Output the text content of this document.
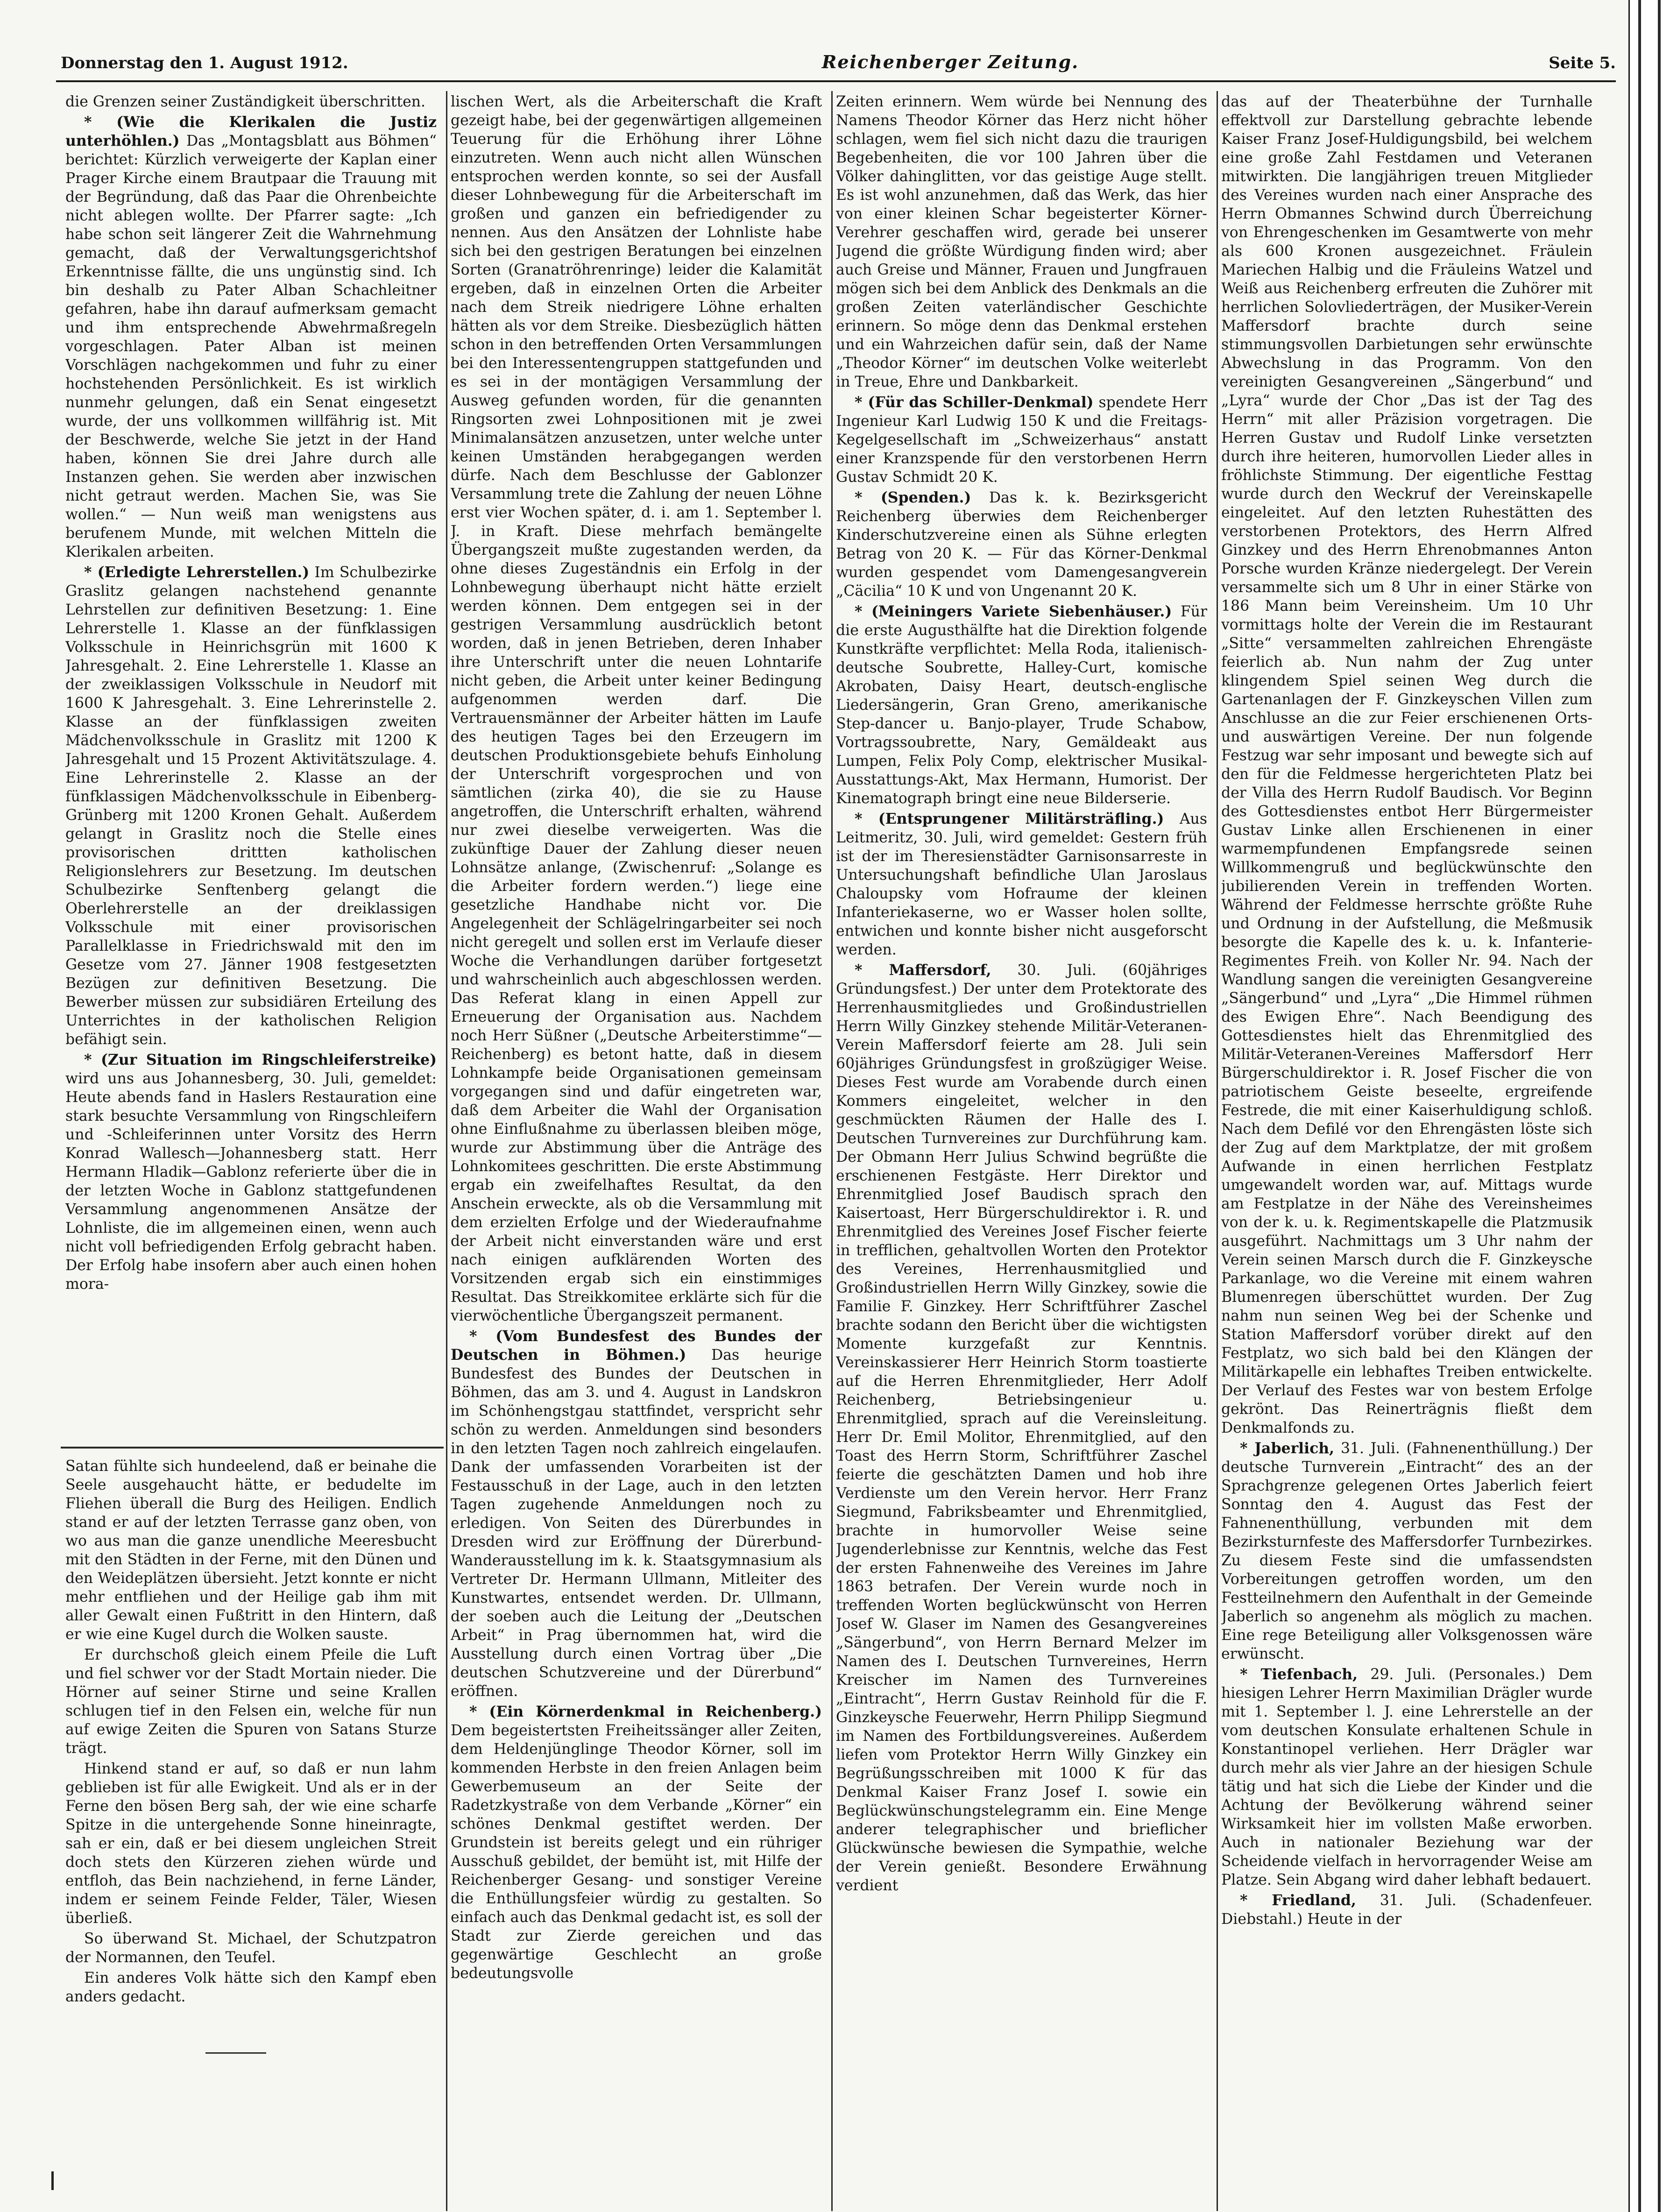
Donnerstag den 1. August 1912.	Reichenberger Zeitung.	Seite 5.

die Grenzen seiner Zuständigkeit überschritten.

* (Wie die Klerikalen die Justiz unterhöhlen.) Das „Montagsblatt aus Böhmen“ berichtet: Kürzlich verweigerte der Kaplan einer Prager Kirche einem Brautpaar die Trauung mit der Begründung, daß das Paar die Ohrenbeichte nicht ablegen wollte. Der Pfarrer sagte: „Ich habe schon seit längerer Zeit die Wahrnehmung gemacht, daß der Verwaltungsgerichtshof Erkenntnisse fällte, die uns ungünstig sind. Ich bin deshalb zu Pater Alban Schachleitner gefahren, habe ihn darauf aufmerksam gemacht und ihm entsprechende Abwehrmaßregeln vorgeschlagen. Pater Alban ist meinen Vorschlägen nachgekommen und fuhr zu einer hochstehenden Persönlichkeit. Es ist wirklich nunmehr gelungen, daß ein Senat eingesetzt wurde, der uns vollkommen willfährig ist. Mit der Beschwerde, welche Sie jetzt in der Hand haben, können Sie drei Jahre durch alle Instanzen gehen. Sie werden aber inzwischen nicht getraut werden. Machen Sie, was Sie wollen.“ — Nun weiß man wenigstens aus berufenem Munde, mit welchen Mitteln die Klerikalen arbeiten.

* (Erledigte Lehrerstellen.) Im Schulbezirke Graslitz gelangen nachstehend genannte Lehrstellen zur definitiven Besetzung: 1. Eine Lehrerstelle 1. Klasse an der fünfklassigen Volksschule in Heinrichsgrün mit 1600 K Jahresgehalt. 2. Eine Lehrerstelle 1. Klasse an der zweiklassigen Volksschule in Neudorf mit 1600 K Jahresgehalt. 3. Eine Lehrerinstelle 2. Klasse an der fünfklassigen zweiten Mädchenvolksschule in Graslitz mit 1200 K Jahresgehalt und 15 Prozent Aktivitätszulage. 4. Eine Lehrerinstelle 2. Klasse an der fünfklassigen Mädchenvolksschule in Eibenberg-Grünberg mit 1200 Kronen Gehalt. Außerdem gelangt in Graslitz noch die Stelle eines provisorischen drittten katholischen Religionslehrers zur Besetzung. Im deutschen Schulbezirke Senftenberg gelangt die Oberlehrerstelle an der dreiklassigen Volksschule mit einer provisorischen Parallelklasse in Friedrichswald mit den im Gesetze vom 27. Jänner 1908 festgesetzten Bezügen zur definitiven Besetzung. Die Bewerber müssen zur subsidiären Erteilung des Unterrichtes in der katholischen Religion befähigt sein.

* (Zur Situation im Ringschleiferstreike) wird uns aus Johannesberg, 30. Juli, gemeldet: Heute abends fand in Haslers Restauration eine stark besuchte Versammlung von Ringschleifern und -Schleiferinnen unter Vorsitz des Herrn Konrad Wallesch—Johannesberg statt. Herr Hermann Hladik—Gablonz referierte über die in der letzten Woche in Gablonz stattgefundenen Versammlung angenommenen Ansätze der Lohnliste, die im allgemeinen einen, wenn auch nicht voll befriedigenden Erfolg gebracht haben. Der Erfolg habe insofern aber auch einen hohen mora-

Satan fühlte sich hundeelend, daß er beinahe die Seele ausgehaucht hätte, er bedudelte im Fliehen überall die Burg des Heiligen. Endlich stand er auf der letzten Terrasse ganz oben, von wo aus man die ganze unendliche Meeresbucht mit den Städten in der Ferne, mit den Dünen und den Weideplätzen übersieht. Jetzt konnte er nicht mehr entfliehen und der Heilige gab ihm mit aller Gewalt einen Fußtritt in den Hintern, daß er wie eine Kugel durch die Wolken sauste.

Er durchschoß gleich einem Pfeile die Luft und fiel schwer vor der Stadt Mortain nieder. Die Hörner auf seiner Stirne und seine Krallen schlugen tief in den Felsen ein, welche für nun auf ewige Zeiten die Spuren von Satans Sturze trägt.

Hinkend stand er auf, so daß er nun lahm geblieben ist für alle Ewigkeit. Und als er in der Ferne den bösen Berg sah, der wie eine scharfe Spitze in die untergehende Sonne hineinragte, sah er ein, daß er bei diesem ungleichen Streit doch stets den Kürzeren ziehen würde und entfloh, das Bein nachziehend, in ferne Länder, indem er seinem Feinde Felder, Täler, Wiesen überließ.

So überwand St. Michael, der Schutzpatron der Normannen, den Teufel.

Ein anderes Volk hätte sich den Kampf eben anders gedacht.

lischen Wert, als die Arbeiterschaft die Kraft gezeigt habe, bei der gegenwärtigen allgemeinen Teuerung für die Erhöhung ihrer Löhne einzutreten. Wenn auch nicht allen Wünschen entsprochen werden konnte, so sei der Ausfall dieser Lohnbewegung für die Arbeiterschaft im großen und ganzen ein befriedigender zu nennen. Aus den Ansätzen der Lohnliste habe sich bei den gestrigen Beratungen bei einzelnen Sorten (Granatröhrenringe) leider die Kalamität ergeben, daß in einzelnen Orten die Arbeiter nach dem Streik niedrigere Löhne erhalten hätten als vor dem Streike. Diesbezüglich hätten schon in den betreffenden Orten Versammlungen bei den Interessentengruppen stattgefunden und es sei in der montägigen Versammlung der Ausweg gefunden worden, für die genannten Ringsorten zwei Lohnpositionen mit je zwei Minimalansätzen anzusetzen, unter welche unter keinen Umständen herabgegangen werden dürfe. Nach dem Beschlusse der Gablonzer Versammlung trete die Zahlung der neuen Löhne erst vier Wochen später, d. i. am 1. September l. J. in Kraft. Diese mehrfach bemängelte Übergangszeit mußte zugestanden werden, da ohne dieses Zugeständnis ein Erfolg in der Lohnbewegung überhaupt nicht hätte erzielt werden können. Dem entgegen sei in der gestrigen Versammlung ausdrücklich betont worden, daß in jenen Betrieben, deren Inhaber ihre Unterschrift unter die neuen Lohntarife nicht geben, die Arbeit unter keiner Bedingung aufgenommen werden darf. Die Vertrauensmänner der Arbeiter hätten im Laufe des heutigen Tages bei den Erzeugern im deutschen Produktionsgebiete behufs Einholung der Unterschrift vorgesprochen und von sämtlichen (zirka 40), die sie zu Hause angetroffen, die Unterschrift erhalten, während nur zwei dieselbe verweigerten. Was die zukünftige Dauer der Zahlung dieser neuen Lohnsätze anlange, (Zwischenruf: „Solange es die Arbeiter fordern werden.“) liege eine gesetzliche Handhabe nicht vor. Die Angelegenheit der Schlägelringarbeiter sei noch nicht geregelt und sollen erst im Verlaufe dieser Woche die Verhandlungen darüber fortgesetzt und wahrscheinlich auch abgeschlossen werden. Das Referat klang in einen Appell zur Erneuerung der Organisation aus. Nachdem noch Herr Süßner („Deutsche Arbeiterstimme“—Reichenberg) es betont hatte, daß in diesem Lohnkampfe beide Organisationen gemeinsam vorgegangen sind und dafür eingetreten war, daß dem Arbeiter die Wahl der Organisation ohne Einflußnahme zu überlassen bleiben möge, wurde zur Abstimmung über die Anträge des Lohnkomitees geschritten. Die erste Abstimmung ergab ein zweifelhaftes Resultat, da den Anschein erweckte, als ob die Versammlung mit dem erzielten Erfolge und der Wiederaufnahme der Arbeit nicht einverstanden wäre und erst nach einigen aufklärenden Worten des Vorsitzenden ergab sich ein einstimmiges Resultat. Das Streikkomitee erklärte sich für die vierwöchentliche Übergangszeit permanent.

* (Vom Bundesfest des Bundes der Deutschen in Böhmen.) Das heurige Bundesfest des Bundes der Deutschen in Böhmen, das am 3. und 4. August in Landskron im Schönhengstgau stattfindet, verspricht sehr schön zu werden. Anmeldungen sind besonders in den letzten Tagen noch zahlreich eingelaufen. Dank der umfassenden Vorarbeiten ist der Festausschuß in der Lage, auch in den letzten Tagen zugehende Anmeldungen noch zu erledigen. Von Seiten des Dürerbundes in Dresden wird zur Eröffnung der Dürerbund-Wanderausstellung im k. k. Staatsgymnasium als Vertreter Dr. Hermann Ullmann, Mitleiter des Kunstwartes, entsendet werden. Dr. Ullmann, der soeben auch die Leitung der „Deutschen Arbeit“ in Prag übernommen hat, wird die Ausstellung durch einen Vortrag über „Die deutschen Schutzvereine und der Dürerbund“ eröffnen.

* (Ein Körnerdenkmal in Reichenberg.) Dem begeistertsten Freiheitssänger aller Zeiten, dem Heldenjünglinge Theodor Körner, soll im kommenden Herbste in den freien Anlagen beim Gewerbemuseum an der Seite der Radetzkystraße von dem Verbande „Körner“ ein schönes Denkmal gestiftet werden. Der Grundstein ist bereits gelegt und ein rühriger Ausschuß gebildet, der bemüht ist, mit Hilfe der Reichenberger Gesang- und sonstiger Vereine die Enthüllungsfeier würdig zu gestalten. So einfach auch das Denkmal gedacht ist, es soll der Stadt zur Zierde gereichen und das gegenwärtige Geschlecht an große bedeutungsvolle

Zeiten erinnern. Wem würde bei Nennung des Namens Theodor Körner das Herz nicht höher schlagen, wem fiel sich nicht dazu die traurigen Begebenheiten, die vor 100 Jahren über die Völker dahinglitten, vor das geistige Auge stellt. Es ist wohl anzunehmen, daß das Werk, das hier von einer kleinen Schar begeisterter Körner-Verehrer geschaffen wird, gerade bei unserer Jugend die größte Würdigung finden wird; aber auch Greise und Männer, Frauen und Jungfrauen mögen sich bei dem Anblick des Denkmals an die großen Zeiten vaterländischer Geschichte erinnern. So möge denn das Denkmal erstehen und ein Wahrzeichen dafür sein, daß der Name „Theodor Körner“ im deutschen Volke weiterlebt in Treue, Ehre und Dankbarkeit.

* (Für das Schiller-Denkmal) spendete Herr Ingenieur Karl Ludwig 150 K und die Freitags-Kegelgesellschaft im „Schweizerhaus“ anstatt einer Kranzspende für den verstorbenen Herrn Gustav Schmidt 20 K.

* (Spenden.) Das k. k. Bezirksgericht Reichenberg überwies dem Reichenberger Kinderschutzvereine einen als Sühne erlegten Betrag von 20 K. — Für das Körner-Denkmal wurden gespendet vom Damengesangverein „Cäcilia“ 10 K und von Ungenannt 20 K.

* (Meiningers Variete Siebenhäuser.) Für die erste Augusthälfte hat die Direktion folgende Kunstkräfte verpflichtet: Mella Roda, italienisch-deutsche Soubrette, Halley-Curt, komische Akrobaten, Daisy Heart, deutsch-englische Liedersängerin, Gran Greno, amerikanische Step-dancer u. Banjo-player, Trude Schabow, Vortragssoubrette, Nary, Gemäldeakt aus Lumpen, Felix Poly Comp, elektrischer Musikal-Ausstattungs-Akt, Max Hermann, Humorist. Der Kinematograph bringt eine neue Bilderserie.

* (Entsprungener Militärsträfling.) Aus Leitmeritz, 30. Juli, wird gemeldet: Gestern früh ist der im Theresienstädter Garnisonsarreste in Untersuchungshaft befindliche Ulan Jaroslaus Chaloupsky vom Hofraume der kleinen Infanteriekaserne, wo er Wasser holen sollte, entwichen und konnte bisher nicht ausgeforscht werden.

* Maffersdorf, 30. Juli. (60jähriges Gründungsfest.) Der unter dem Protektorate des Herrenhausmitgliedes und Großindustriellen Herrn Willy Ginzkey stehende Militär-Veteranen-Verein Maffersdorf feierte am 28. Juli sein 60jähriges Gründungsfest in großzügiger Weise. Dieses Fest wurde am Vorabende durch einen Kommers eingeleitet, welcher in den geschmückten Räumen der Halle des I. Deutschen Turnvereines zur Durchführung kam. Der Obmann Herr Julius Schwind begrüßte die erschienenen Festgäste. Herr Direktor und Ehrenmitglied Josef Baudisch sprach den Kaisertoast, Herr Bürgerschuldirektor i. R. und Ehrenmitglied des Vereines Josef Fischer feierte in trefflichen, gehaltvollen Worten den Protektor des Vereines, Herrenhausmitglied und Großindustriellen Herrn Willy Ginzkey, sowie die Familie F. Ginzkey. Herr Schriftführer Zaschel brachte sodann den Bericht über die wichtigsten Momente kurzgefaßt zur Kenntnis. Vereinskassierer Herr Heinrich Storm toastierte auf die Herren Ehrenmitglieder, Herr Adolf Reichenberg, Betriebsingenieur u. Ehrenmitglied, sprach auf die Vereinsleitung. Herr Dr. Emil Molitor, Ehrenmitglied, auf den Toast des Herrn Storm, Schriftführer Zaschel feierte die geschätzten Damen und hob ihre Verdienste um den Verein hervor. Herr Franz Siegmund, Fabriksbeamter und Ehrenmitglied, brachte in humorvoller Weise seine Jugenderlebnisse zur Kenntnis, welche das Fest der ersten Fahnenweihe des Vereines im Jahre 1863 betrafen. Der Verein wurde noch in treffenden Worten beglückwünscht von Herren Josef W. Glaser im Namen des Gesangvereines „Sängerbund“, von Herrn Bernard Melzer im Namen des I. Deutschen Turnvereines, Herrn Kreischer im Namen des Turnvereines „Eintracht“, Herrn Gustav Reinhold für die F. Ginzkeysche Feuerwehr, Herrn Philipp Siegmund im Namen des Fortbildungsvereines. Außerdem liefen vom Protektor Herrn Willy Ginzkey ein Begrüßungsschreiben mit 1000 K für das Denkmal Kaiser Franz Josef I. sowie ein Beglückwünschungstelegramm ein. Eine Menge anderer telegraphischer und brieflicher Glückwünsche bewiesen die Sympathie, welche der Verein genießt. Besondere Erwähnung verdient

das auf der Theaterbühne der Turnhalle effektvoll zur Darstellung gebrachte lebende Kaiser Franz Josef-Huldigungsbild, bei welchem eine große Zahl Festdamen und Veteranen mitwirkten. Die langjährigen treuen Mitglieder des Vereines wurden nach einer Ansprache des Herrn Obmannes Schwind durch Überreichung von Ehrengeschenken im Gesamtwerte von mehr als 600 Kronen ausgezeichnet. Fräulein Mariechen Halbig und die Fräuleins Watzel und Weiß aus Reichenberg erfreuten die Zuhörer mit herrlichen Solovliederträgen, der Musiker-Verein Maffersdorf brachte durch seine stimmungsvollen Darbietungen sehr erwünschte Abwechslung in das Programm. Von den vereinigten Gesangvereinen „Sängerbund“ und „Lyra“ wurde der Chor „Das ist der Tag des Herrn“ mit aller Präzision vorgetragen. Die Herren Gustav und Rudolf Linke versetzten durch ihre heiteren, humorvollen Lieder alles in fröhlichste Stimmung. Der eigentliche Festtag wurde durch den Weckruf der Vereinskapelle eingeleitet. Auf den letzten Ruhestätten des verstorbenen Protektors, des Herrn Alfred Ginzkey und des Herrn Ehrenobmannes Anton Porsche wurden Kränze niedergelegt. Der Verein versammelte sich um 8 Uhr in einer Stärke von 186 Mann beim Vereinsheim. Um 10 Uhr vormittags holte der Verein die im Restaurant „Sitte“ versammelten zahlreichen Ehrengäste feierlich ab. Nun nahm der Zug unter klingendem Spiel seinen Weg durch die Gartenanlagen der F. Ginzkeyschen Villen zum Anschlusse an die zur Feier erschienenen Orts- und auswärtigen Vereine. Der nun folgende Festzug war sehr imposant und bewegte sich auf den für die Feldmesse hergerichteten Platz bei der Villa des Herrn Rudolf Baudisch. Vor Beginn des Gottesdienstes entbot Herr Bürgermeister Gustav Linke allen Erschienenen in einer warmempfundenen Empfangsrede seinen Willkommengruß und beglückwünschte den jubilierenden Verein in treffenden Worten. Während der Feldmesse herrschte größte Ruhe und Ordnung in der Aufstellung, die Meßmusik besorgte die Kapelle des k. u. k. Infanterie-Regimentes Freih. von Koller Nr. 94. Nach der Wandlung sangen die vereinigten Gesangvereine „Sängerbund“ und „Lyra“ „Die Himmel rühmen des Ewigen Ehre“. Nach Beendigung des Gottesdienstes hielt das Ehrenmitglied des Militär-Veteranen-Vereines Maffersdorf Herr Bürgerschuldirektor i. R. Josef Fischer die von patriotischem Geiste beseelte, ergreifende Festrede, die mit einer Kaiserhuldigung schloß. Nach dem Defilé vor den Ehrengästen löste sich der Zug auf dem Marktplatze, der mit großem Aufwande in einen herrlichen Festplatz umgewandelt worden war, auf. Mittags wurde am Festplatze in der Nähe des Vereinsheimes von der k. u. k. Regimentskapelle die Platzmusik ausgeführt. Nachmittags um 3 Uhr nahm der Verein seinen Marsch durch die F. Ginzkeysche Parkanlage, wo die Vereine mit einem wahren Blumenregen überschüttet wurden. Der Zug nahm nun seinen Weg bei der Schenke und Station Maffersdorf vorüber direkt auf den Festplatz, wo sich bald bei den Klängen der Militärkapelle ein lebhaftes Treiben entwickelte. Der Verlauf des Festes war von bestem Erfolge gekrönt. Das Reinerträgnis fließt dem Denkmalfonds zu.

* Jaberlich, 31. Juli. (Fahnenenthüllung.) Der deutsche Turnverein „Eintracht“ des an der Sprachgrenze gelegenen Ortes Jaberlich feiert Sonntag den 4. August das Fest der Fahnenenthüllung, verbunden mit dem Bezirksturnfeste des Maffersdorfer Turnbezirkes. Zu diesem Feste sind die umfassendsten Vorbereitungen getroffen worden, um den Festteilnehmern den Aufenthalt in der Gemeinde Jaberlich so angenehm als möglich zu machen. Eine rege Beteiligung aller Volksgenossen wäre erwünscht.

* Tiefenbach, 29. Juli. (Personales.) Dem hiesigen Lehrer Herrn Maximilian Drägler wurde mit 1. September l. J. eine Lehrerstelle an der vom deutschen Konsulate erhaltenen Schule in Konstantinopel verliehen. Herr Drägler war durch mehr als vier Jahre an der hiesigen Schule tätig und hat sich die Liebe der Kinder und die Achtung der Bevölkerung während seiner Wirksamkeit hier im vollsten Maße erworben. Auch in nationaler Beziehung war der Scheidende vielfach in hervorragender Weise am Platze. Sein Abgang wird daher lebhaft bedauert.

* Friedland, 31. Juli. (Schadenfeuer. Diebstahl.) Heute in der
